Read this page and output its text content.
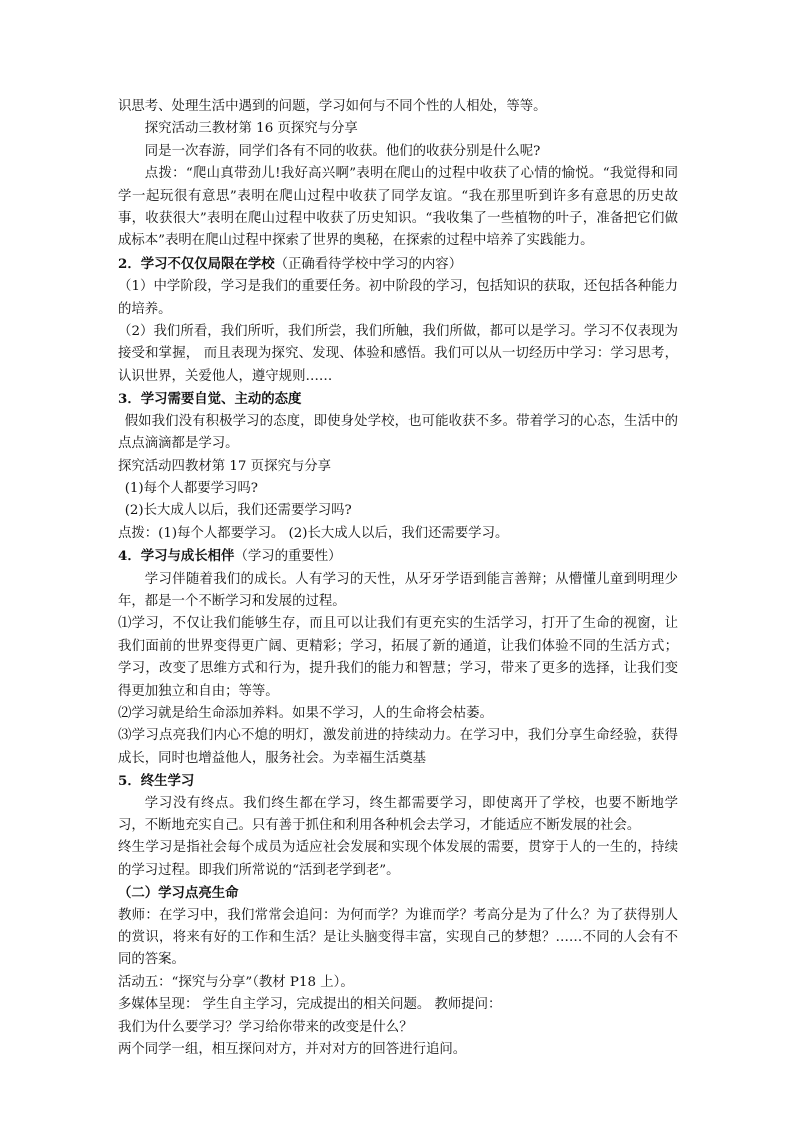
识思考、处理生活中遇到的问题，学习如何与不同个性的人相处，等等。

探究活动三教材第 16 页探究与分享

同是一次春游，同学们各有不同的收获。他们的收获分别是什么呢?

点拨：“爬山真带劲儿!我好高兴啊”表明在爬山的过程中收获了心情的愉悦。“我觉得和同学一起玩很有意思”表明在爬山过程中收获了同学友谊。“我在那里听到许多有意思的历史故事，收获很大”表明在爬山过程中收获了历史知识。“我收集了一些植物的叶子，准备把它们做成标本”表明在爬山过程中探索了世界的奥秘，在探索的过程中培养了实践能力。

2．学习不仅仅局限在学校（正确看待学校中学习的内容）

（1）中学阶段，学习是我们的重要任务。初中阶段的学习，包括知识的获取，还包括各种能力的培养。

（2）我们所看，我们所听，我们所尝，我们所触，我们所做，都可以是学习。学习不仅表现为接受和掌握， 而且表现为探究、发现、体验和感悟。我们可以从一切经历中学习：学习思考，认识世界，关爱他人，遵守规则……

3．学习需要自觉、主动的态度

假如我们没有积极学习的态度，即使身处学校，也可能收获不多。带着学习的心态，生活中的点点滴滴都是学习。

探究活动四教材第 17 页探究与分享

(1)每个人都要学习吗?

(2)长大成人以后，我们还需要学习吗?

点拨：(1)每个人都要学习。 (2)长大成人以后，我们还需要学习。

4．学习与成长相伴（学习的重要性）

学习伴随着我们的成长。人有学习的天性，从牙牙学语到能言善辩；从懵懂儿童到明理少年，都是一个不断学习和发展的过程。

⑴学习，不仅让我们能够生存，而且可以让我们有更充实的生活学习，打开了生命的视窗，让我们面前的世界变得更广阔、更精彩；学习，拓展了新的通道，让我们体验不同的生活方式；学习，改变了思维方式和行为，提升我们的能力和智慧；学习，带来了更多的选择，让我们变得更加独立和自由；等等。

⑵学习就是给生命添加养料。如果不学习，人的生命将会枯萎。

⑶学习点亮我们内心不熄的明灯，激发前进的持续动力。在学习中，我们分享生命经验，获得成长，同时也增益他人，服务社会。为幸福生活奠基

5．终生学习

学习没有终点。我们终生都在学习，终生都需要学习，即使离开了学校，也要不断地学习，不断地充实自己。只有善于抓住和利用各种机会去学习，才能适应不断发展的社会。

终生学习是指社会每个成员为适应社会发展和实现个体发展的需要，贯穿于人的一生的，持续的学习过程。即我们所常说的“活到老学到老”。

（二）学习点亮生命

教师：在学习中，我们常常会追问：为何而学？为谁而学？考高分是为了什么？为了获得别人的赏识，将来有好的工作和生活？是让头脑变得丰富，实现自己的梦想？……不同的人会有不同的答案。

活动五：“探究与分享”（教材 P18 上）。

多媒体呈现： 学生自主学习，完成提出的相关问题。 教师提问：

我们为什么要学习？学习给你带来的改变是什么？

两个同学一组，相互探问对方，并对对方的回答进行追问。
